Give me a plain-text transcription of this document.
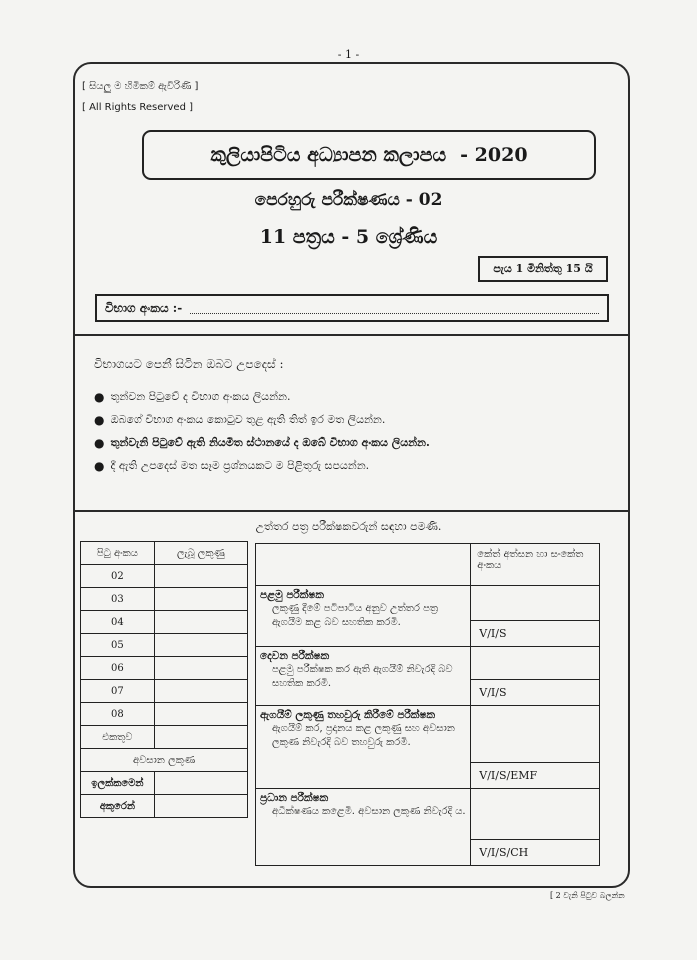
- 1 -
[ සියලු ම හිමිකම් ඇවිරිණි ]
[ All Rights Reserved ]
කුලියාපිටිය අධ්‍යාපන කලාපය - 2020
පෙරහුරු පරීක්ෂණය - 02
11 පත්‍රය - 5 ශ්‍රේණිය
පැය 1 මිනිත්තු 15 යි
විභාග අංකය :-
විභාගයට පෙනී සිටින ඔබට උපදෙස් :
● තුන්වන පිටුවේ ද විභාග අංකය ලියන්න.
● ඔබගේ විභාග අංකය කොටුව තුළ ඇති තිත් ඉර මත ලියන්න.
● තුන්වැනි පිටුවේ ඇති නියමිත ස්ථානයේ ද ඔබේ විභාග අංකය ලියන්න.
● දී ඇති උපදෙස් මත සෑම ප්‍රශ්නයකට ම පිළිතුරු සපයන්න.
උත්තර පත්‍ර පරීක්ෂකවරුන් සඳහා පමණි.
පිටු අංකය	ලැබූ ලකුණු
02	
03	
04	
05	
06	
07	
08	
එකතුව	
අවසාන ලකුණ	
ඉලක්කමෙන්	
අකුරෙන්	
	කේත් අත්සන හා සංකේත අංකය

පළමු පරීක්ෂක
ලකුණු දීමේ පටිපාටිය අනුව උත්තර පත්‍ර ඇගයීම කළ බව සහතික කරමි.	V/I/S

දෙවන පරීක්ෂක
පළමු පරීක්ෂක කර ඇති ඇගයීම් නිවැරදි බව සහතික කරමි.	V/I/S

ඇගයීම් ලකුණු තහවුරු කිරීමේ පරීක්ෂක
ඇගයීම් කර, ප්‍රදානය කළ ලකුණු සහ අවසාන ලකුණ නිවැරදි බව තහවුරු කරමි.	V/I/S/EMF

ප්‍රධාන පරීක්ෂක
අධීක්ෂණය කළෙමි. අවසාන ලකුණ නිවැරදි ය.	V/I/S/CH
[ 2 වැනි පිටුව බලන්න
